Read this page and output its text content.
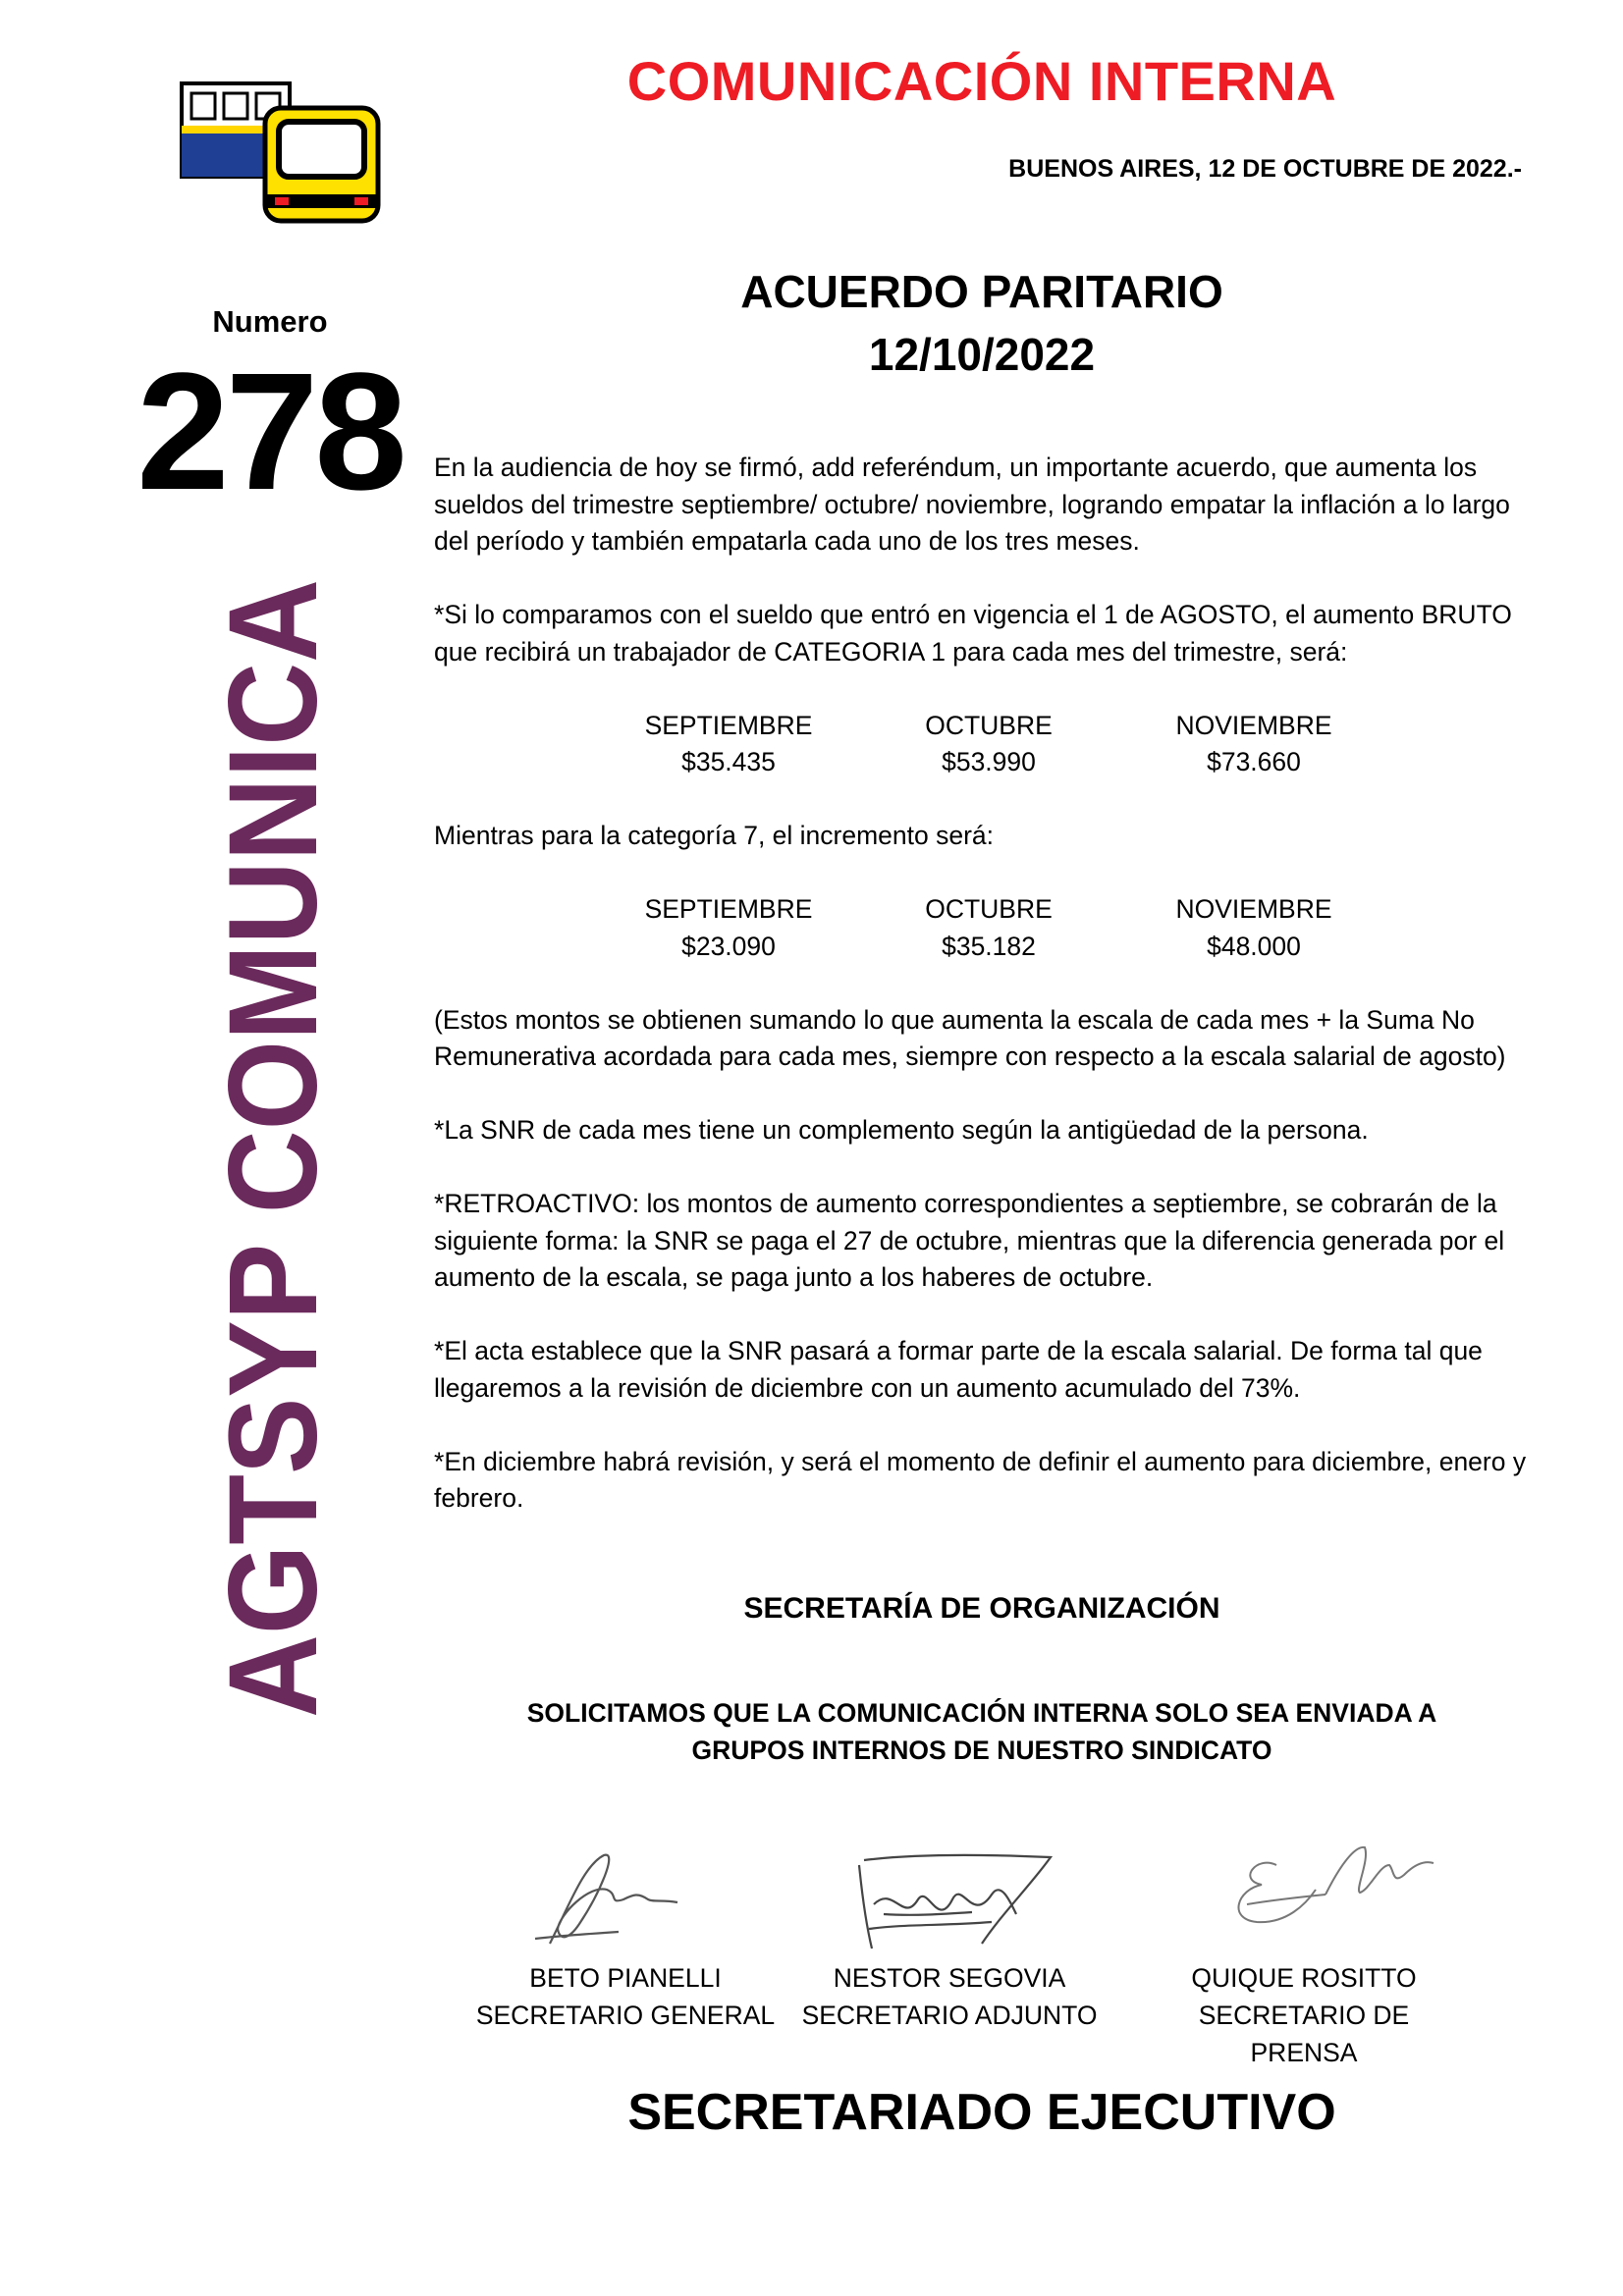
COMUNICACIÓN INTERNA
BUENOS AIRES, 12 DE OCTUBRE DE 2022.-
Numero
278
AGTSYP COMUNICA
ACUERDO PARITARIO
12/10/2022

En la audiencia de hoy se firmó, add referéndum, un importante acuerdo, que aumenta los sueldos del trimestre septiembre/ octubre/ noviembre, logrando empatar la inflación a lo largo del período y también empatarla cada uno de los tres meses.

*Si lo comparamos con el sueldo que entró en vigencia el 1 de AGOSTO, el aumento BRUTO que recibirá un trabajador de CATEGORIA 1 para cada mes del trimestre, será:

SEPTIEMBRE	OCTUBRE	NOVIEMBRE
$35.435	$53.990	$73.660

Mientras para la categoría 7, el incremento será:

SEPTIEMBRE	OCTUBRE	NOVIEMBRE
$23.090	$35.182	$48.000

(Estos montos se obtienen sumando lo que aumenta la escala de cada mes + la Suma No Remunerativa acordada para cada mes, siempre con respecto a la escala salarial de agosto)

*La SNR de cada mes tiene un complemento según la antigüedad de la persona.

*RETROACTIVO: los montos de aumento correspondientes a septiembre, se cobrarán de la siguiente forma: la SNR se paga el 27 de octubre, mientras que la diferencia generada por el aumento de la escala, se paga junto a los haberes de octubre.

*El acta establece que la SNR pasará a formar parte de la escala salarial. De forma tal que llegaremos a la revisión de diciembre con un aumento acumulado del 73%.

*En diciembre habrá revisión, y será el momento de definir el aumento para diciembre, enero y febrero.

SECRETARÍA DE ORGANIZACIÓN
SOLICITAMOS QUE LA COMUNICACIÓN INTERNA SOLO SEA ENVIADA A
GRUPOS INTERNOS DE NUESTRO SINDICATO
BETO PIANELLI
SECRETARIO GENERAL
NESTOR SEGOVIA
SECRETARIO ADJUNTO
QUIQUE ROSITTO
SECRETARIO DE PRENSA
SECRETARIADO EJECUTIVO
